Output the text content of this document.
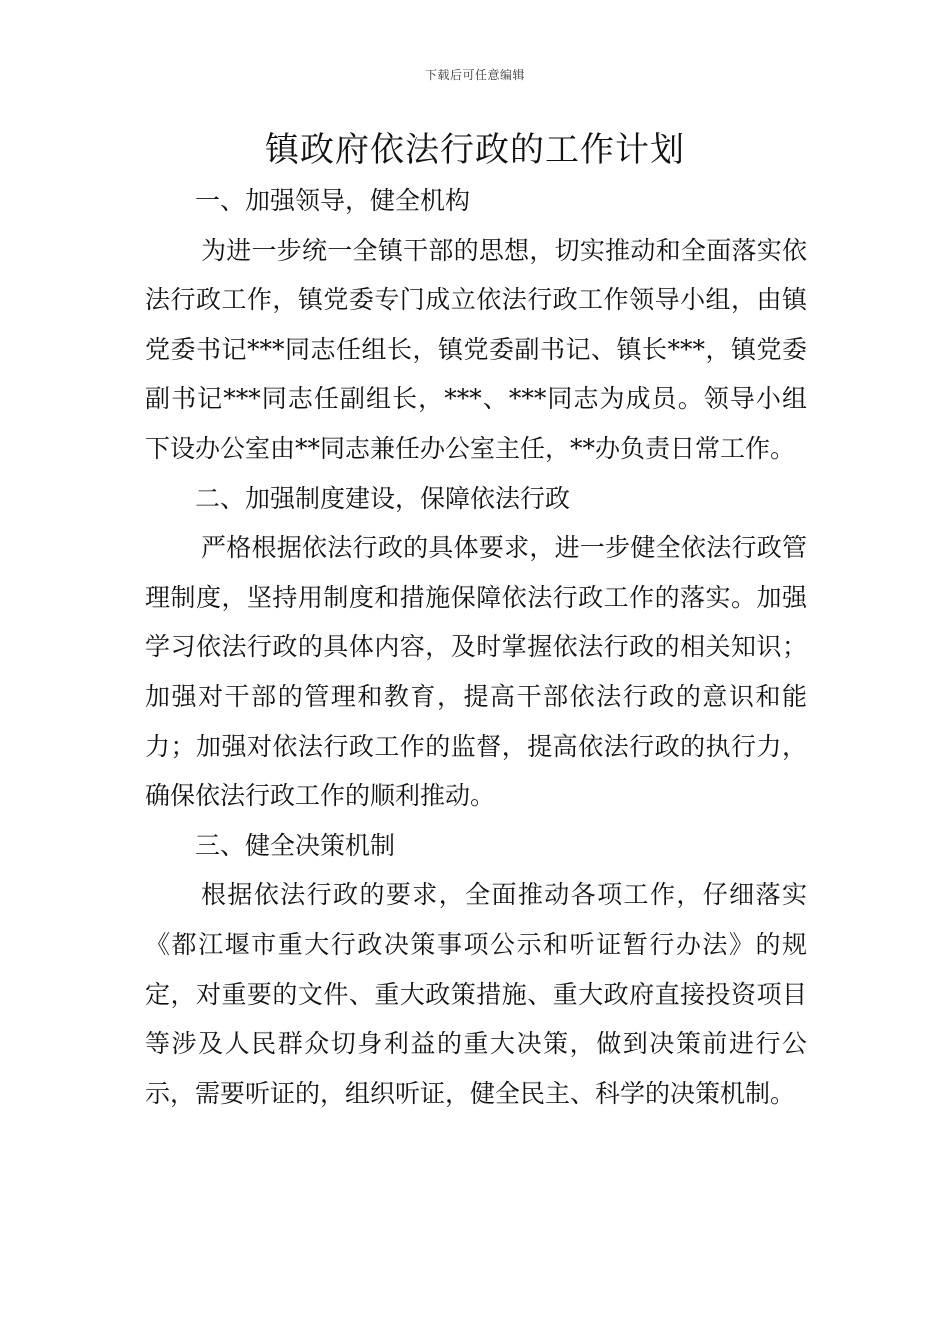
下载后可任意编辑
镇政府依法行政的工作计划

一、加强领导，健全机构

为进一步统一全镇干部的思想，切实推动和全面落实依法行政工作，镇党委专门成立依法行政工作领导小组，由镇党委书记***同志任组长，镇党委副书记、镇长***，镇党委副书记***同志任副组长，***、***同志为成员。领导小组下设办公室由**同志兼任办公室主任，**办负责日常工作。

二、加强制度建设，保障依法行政

严格根据依法行政的具体要求，进一步健全依法行政管理制度，坚持用制度和措施保障依法行政工作的落实。加强学习依法行政的具体内容，及时掌握依法行政的相关知识；加强对干部的管理和教育，提高干部依法行政的意识和能力；加强对依法行政工作的监督，提高依法行政的执行力，确保依法行政工作的顺利推动。

三、健全决策机制

根据依法行政的要求，全面推动各项工作，仔细落实《都江堰市重大行政决策事项公示和听证暂行办法》的规定，对重要的文件、重大政策措施、重大政府直接投资项目等涉及人民群众切身利益的重大决策，做到决策前进行公示，需要听证的，组织听证，健全民主、科学的决策机制。
